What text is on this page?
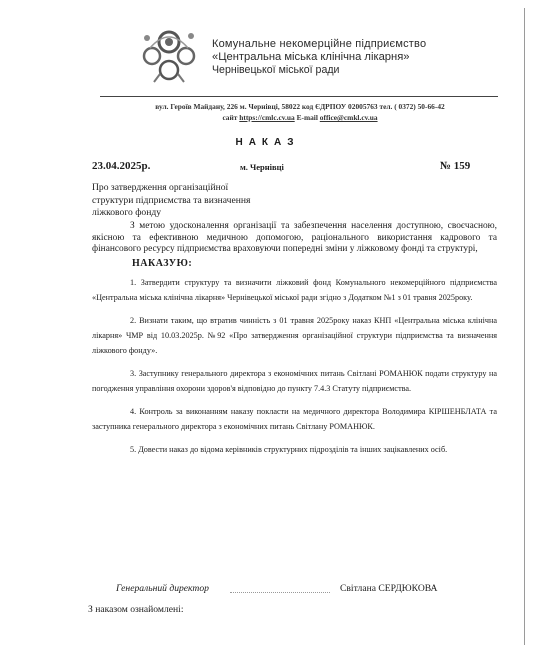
Комунальне некомерційне підприємство
«Центральна міська клінічна лікарня»
Чернівецької міської ради
вул. Героїв Майдану, 226 м. Чернівці, 58022 код ЄДРПОУ 02005763 тел. ( 0372) 50-66-42
сайт https://cmlc.cv.ua E-mail office@cmkl.cv.ua
НАКАЗ
23.04.2025р.	м. Чернівці	№ 159
Про затвердження організаційної
структури підприємства та визначення
ліжкового фонду

З метою удосконалення організації та забезпечення населення доступною, своєчасною, якісною та ефективною медичною допомогою, раціонального використання кадрового та фінансового ресурсу підприємства враховуючи попередні зміни у ліжковому фонді та структурі,

НАКАЗУЮ:

1. Затвердити структуру та визначити ліжковий фонд Комунального некомерційного підприємства «Центральна міська клінічна лікарня» Чернівецької міської ради згідно з Додатком №1 з 01 травня 2025року.

2. Визнати таким, що втратив чинність з 01 травня 2025року наказ КНП «Центральна міська клінічна лікарня» ЧМР від 10.03.2025р. №92 «Про затвердження організаційної структури підприємства та визначення ліжкового фонду».

3. Заступнику генерального директора з економічних питань Світлані РОМАНЮК подати структуру на погодження управління охорони здоров'я відповідно до пункту 7.4.3 Статуту підприємства.

4. Контроль за виконанням наказу покласти на медичного директора Володимира КІРШЕНБЛАТА та заступника генерального директора з економічних питань Світлану РОМАНЮК.

5. Довести наказ до відома керівників структурних підрозділів та інших зацікавлених осіб.

Генеральний директор	Світлана СЕРДЮКОВА
З наказом ознайомлені:
